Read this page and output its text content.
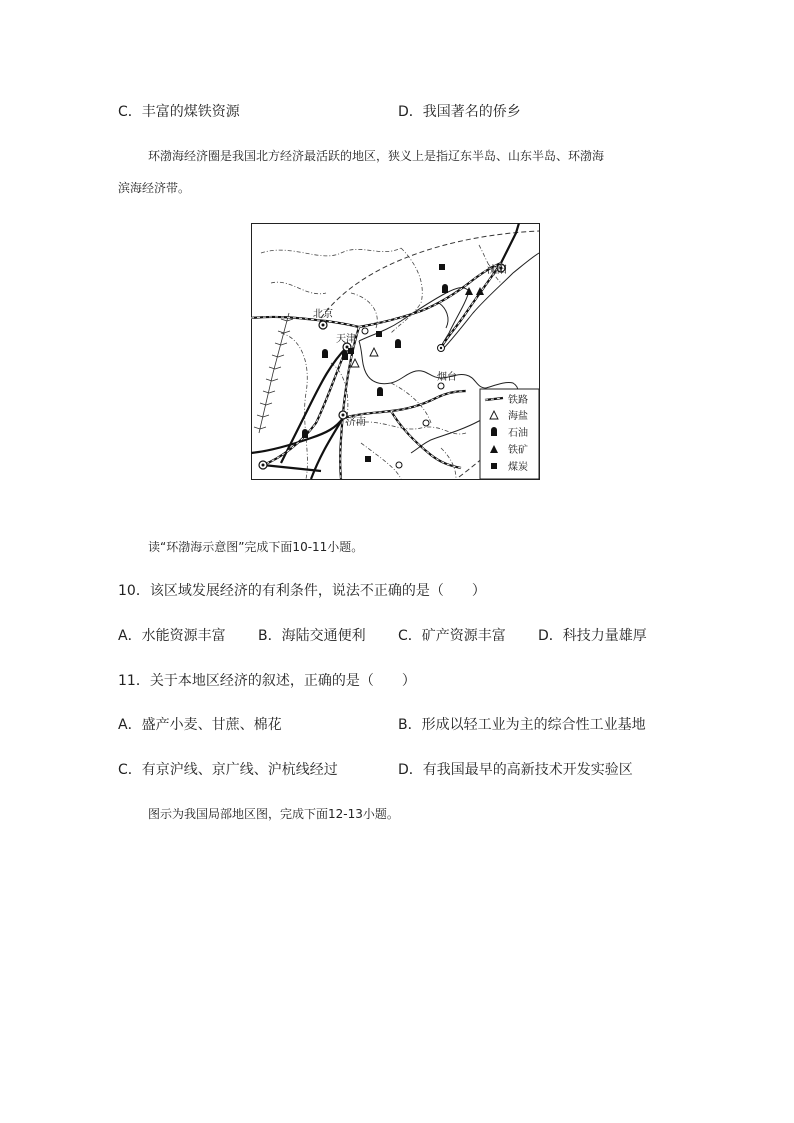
C．丰富的煤铁资源	D．我国著名的侨乡
环渤海经济圈是我国北方经济最活跃的地区，狭义上是指辽东半岛、山东半岛、环渤海
滨海经济带。
沈阳
北京
天津
烟台
济南
铁路
海盐
石油
铁矿
煤炭
读“环渤海示意图”完成下面10-11小题。
10．该区域发展经济的有利条件，说法不正确的是（　　）
A．水能资源丰富 B．海陆交通便利 C．矿产资源丰富 D．科技力量雄厚
11．关于本地区经济的叙述，正确的是（　　）
A．盛产小麦、甘蔗、棉花	B．形成以轻工业为主的综合性工业基地
C．有京沪线、京广线、沪杭线经过	D．有我国最早的高新技术开发实验区
图示为我国局部地区图，完成下面12-13小题。
